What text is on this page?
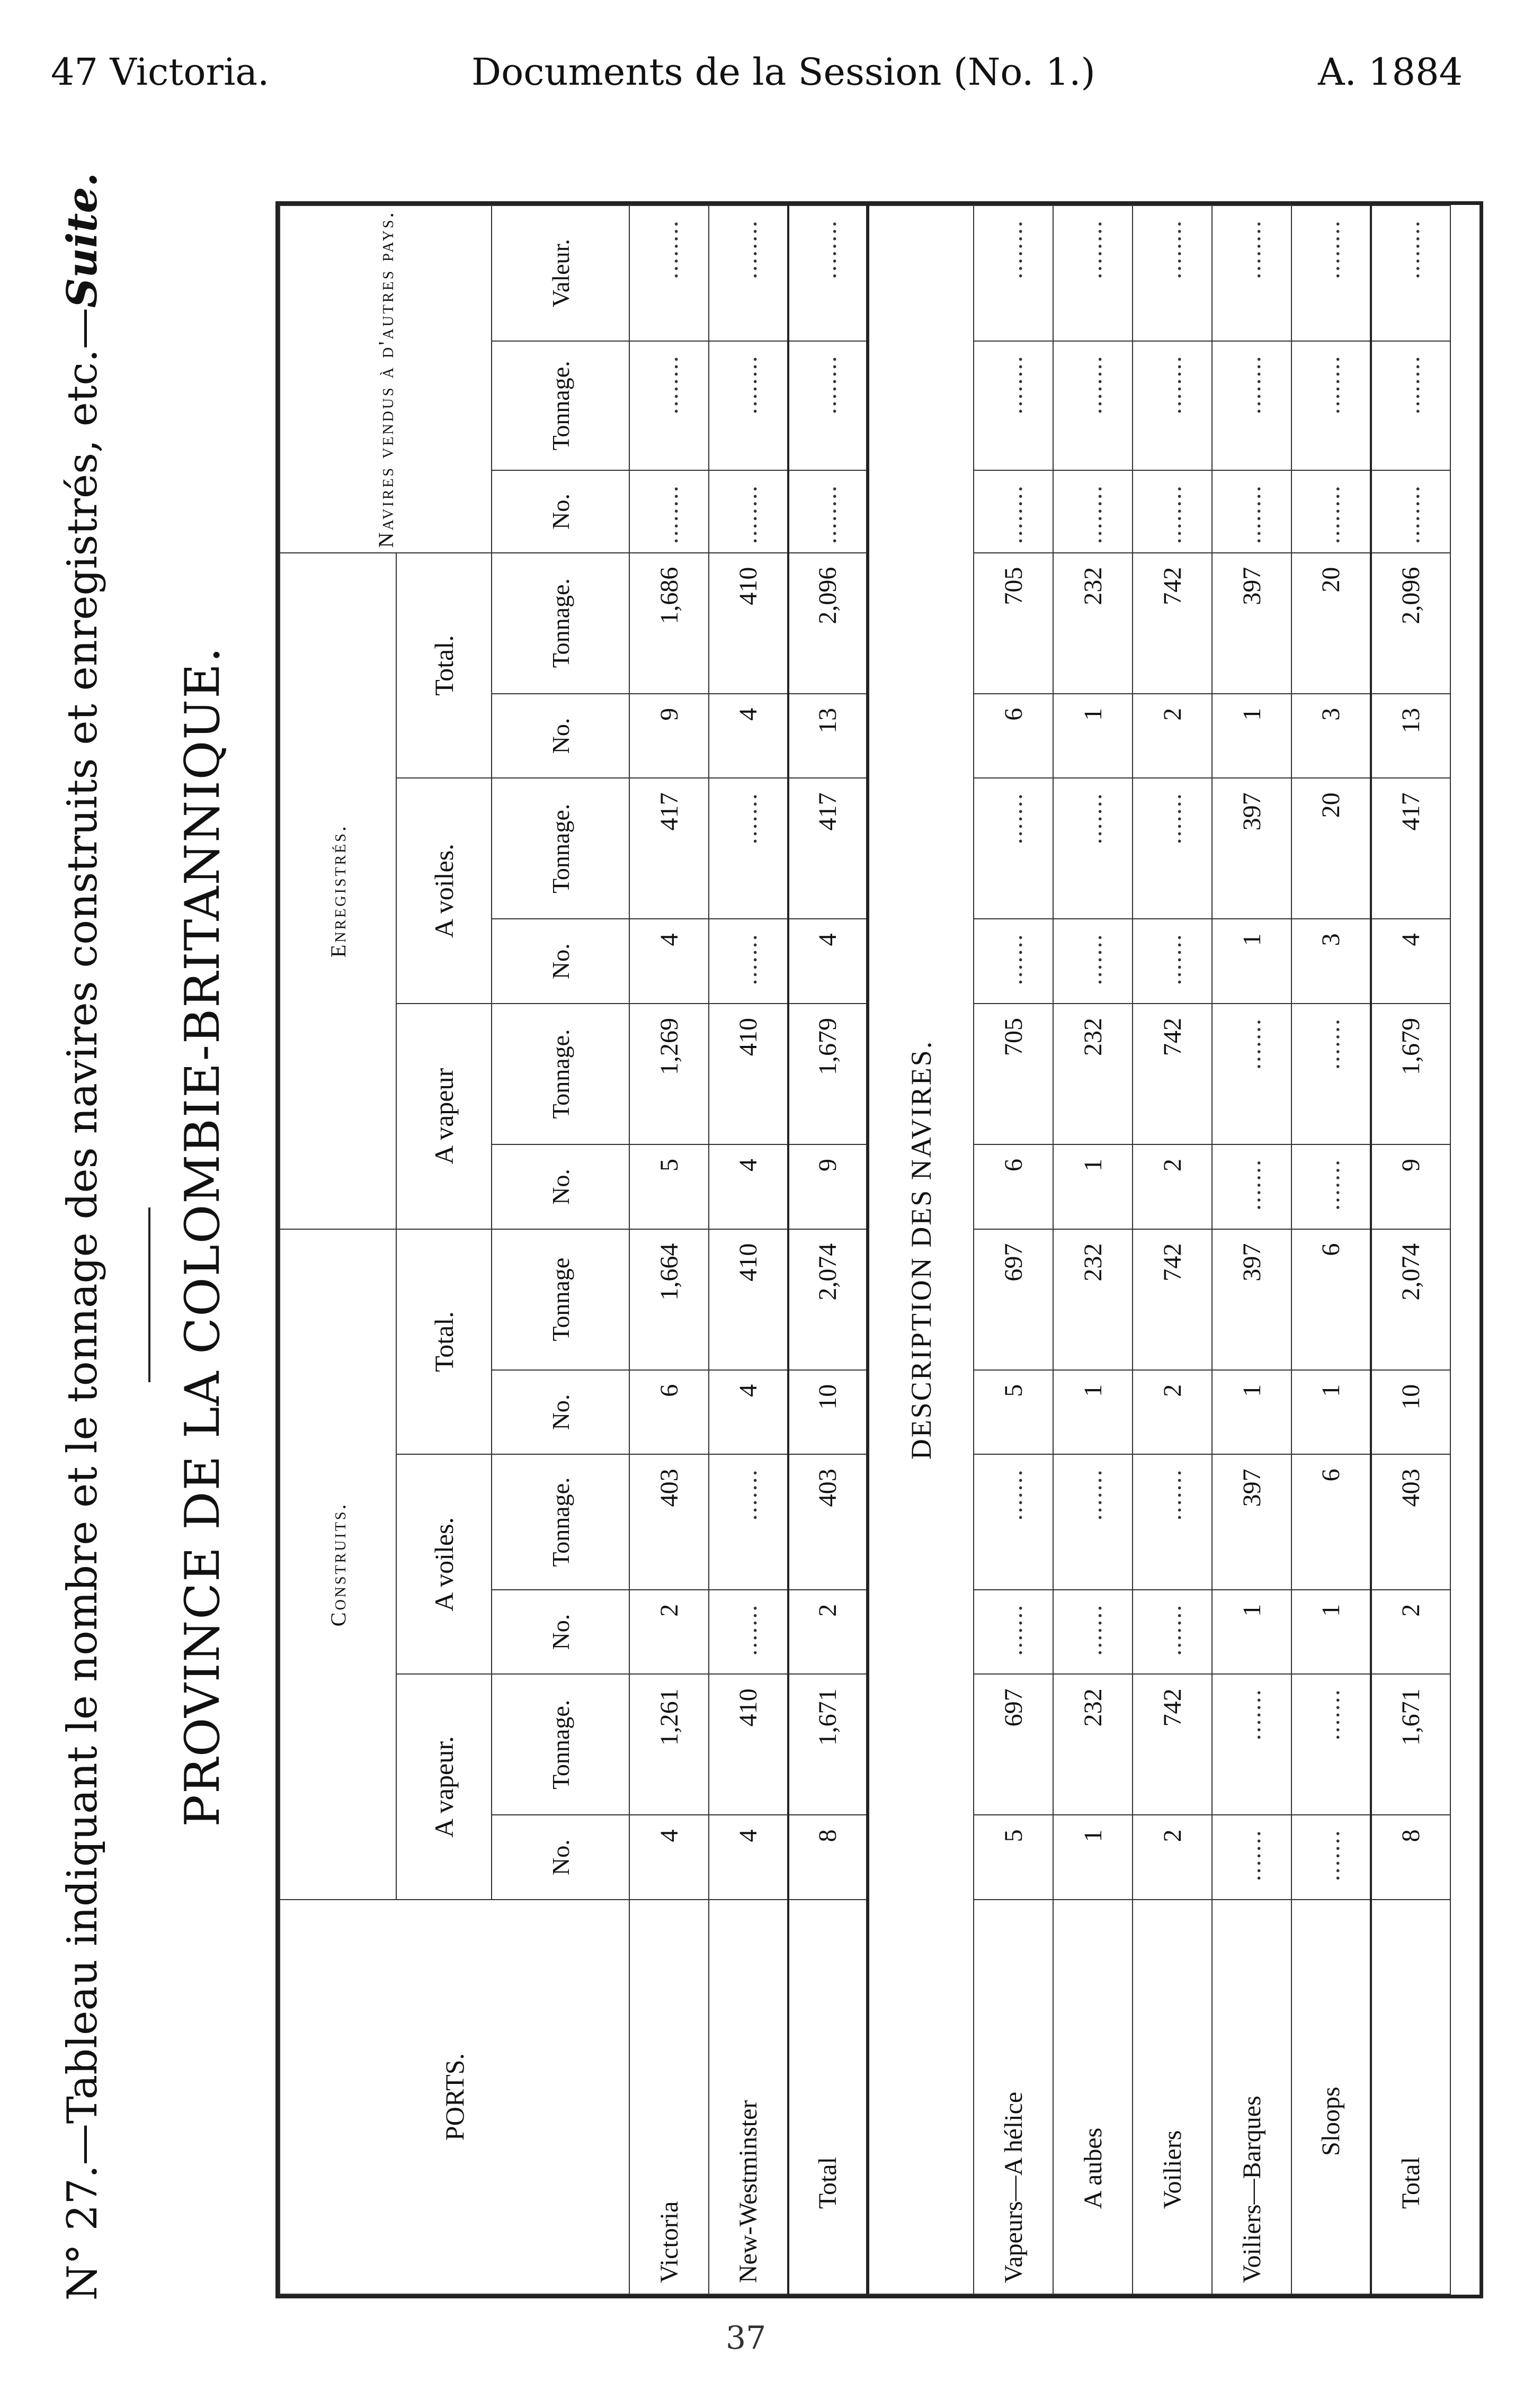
47 Victoria.	Documents de la Session (No. 1.)	A. 1884
N° 27.—Tableau indiquant le nombre et le tonnage des navires construits et enregistrés, etc.—Suite.
PROVINCE DE LA COLOMBIE-BRITANNIQUE.
PORTS.	Construits.						Enregistrés.						Navires vendus à d'autres pays.		
	A vapeur.		A voiles.		Total.		A vapeur		A voiles.		Total.				
	No.	Tonnage.	No.	Tonnage.	No.	Tonnage	No.	Tonnage.	No.	Tonnage.	No.	Tonnage.	No.	Tonnage.	Valeur.
Victoria	4	1,261	2	403	6	1,664	5	1,269	4	417	9	1,686	........	........	........
New-Westminster	4	410	.......	.......	4	410	4	410	.......	.......	4	410	........	........	........
Total	8	1,671	2	403	10	2,074	9	1,679	4	417	13	2,096	........	........	........
DESCRIPTION DES NAVIRES.															
Vapeurs—A hélice	5	697	.......	.......	5	697	6	705	.......	.......	6	705	........	........	........
A aubes	1	232	.......	.......	1	232	1	232	.......	.......	1	232	........	........	........
Voiliers	2	742	.......	.......	2	742	2	742	.......	.......	2	742	........	........	........
Voiliers—Barques	.......	.......	1	397	1	397	.......	.......	1	397	1	397	........	........	........
Sloops	.......	.......	1	6	1	6	.......	.......	3	20	3	20	........	........	........
Total	8	1,671	2	403	10	2,074	9	1,679	4	417	13	2,096	........	........	........
37
